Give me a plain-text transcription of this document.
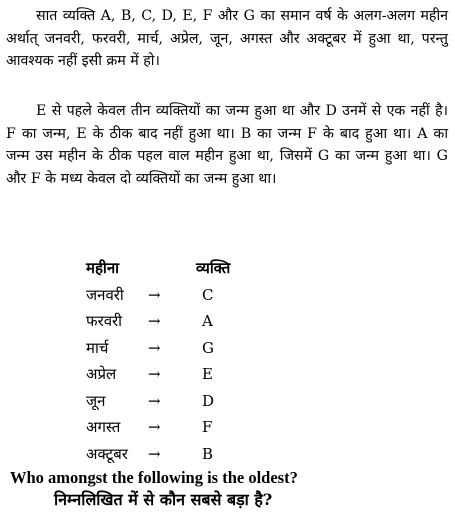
सात व्यक्ति A, B, C, D, E, F और G का समान वर्ष के अलग-अलग महीन अर्थात् जनवरी, फरवरी, मार्च, अप्रेल, जून, अगस्त और अक्टूबर में हुआ था, परन्तु आवश्यक नहीं इसी क्रम में हो।

E से पहले केवल तीन व्यक्तियों का जन्म हुआ था और D उनमें से एक नहीं है। F का जन्म, E के ठीक बाद नहीं हुआ था। B का जन्म F के बाद हुआ था। A का जन्म उस महीन के ठीक पहल वाल महीन हुआ था, जिसमें G का जन्म हुआ था। G और F के मध्य केवल दो व्यक्तियों का जन्म हुआ था।

महीना		व्यक्ति
जनवरी	→	C
फरवरी	→	A
मार्च	→	G
अप्रेल	→	E
जून	→	D
अगस्त	→	F
अक्टूबर	→	B
Who amongst the following is the oldest?
निम्नलिखित में से कौन सबसे बड़ा है?
